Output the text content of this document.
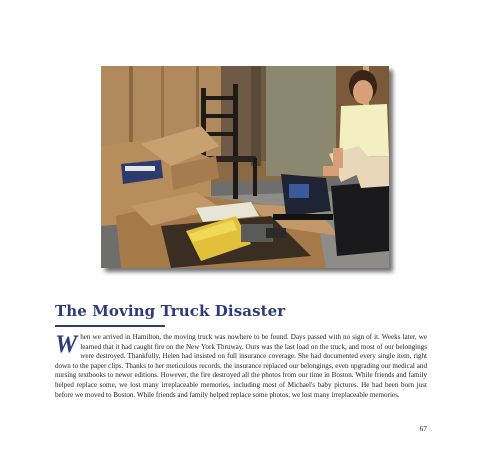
The Moving Truck Disaster

When we arrived in Hamilton, the moving truck was nowhere to be found. Days passed with no sign of it. Weeks later, we learned that it had caught fire on the New York Thruway. Ours was the last load on the truck, and most of our belongings were destroyed. Thankfully, Helen had insisted on full insurance coverage. She had documented every single item, right down to the paper clips. Thanks to her meticulous records, the insurance replaced our belongings, even upgrading our medical and nursing textbooks to newer editions. However, the fire destroyed all the photos from our time in Boston. While friends and family helped replace some, we lost many irreplaceable memories, including most of Michael's baby pictures. He had been born just before we moved to Boston. While friends and family helped replace some photos, we lost many irreplaceable memories.

67
